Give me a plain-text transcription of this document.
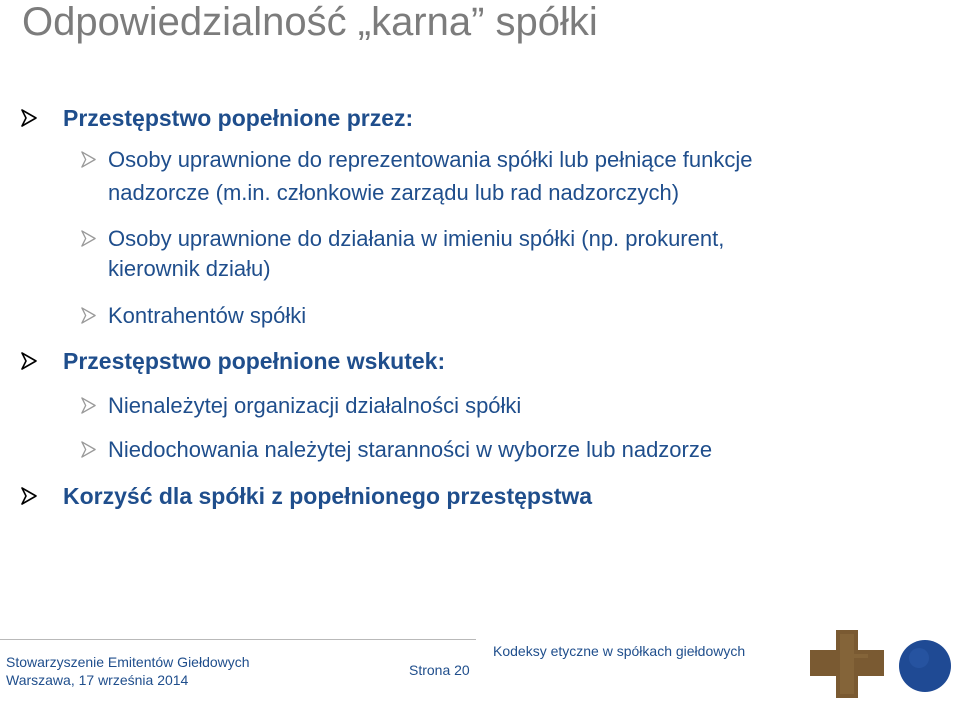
Odpowiedzialność „karna” spółki
Przestępstwo popełnione przez:
Osoby uprawnione do reprezentowania spółki lub pełniące funkcje
nadzorcze (m.in. członkowie zarządu lub rad nadzorczych)
Osoby uprawnione do działania w imieniu spółki (np. prokurent,
kierownik działu)
Kontrahentów spółki
Przestępstwo popełnione wskutek:
Nienależytej organizacji działalności spółki
Niedochowania należytej staranności w wyborze lub nadzorze
Korzyść dla spółki z popełnionego przestępstwa
Stowarzyszenie Emitentów Giełdowych
Warszawa, 17 września 2014
Strona 20
Kodeksy etyczne w spółkach giełdowych
